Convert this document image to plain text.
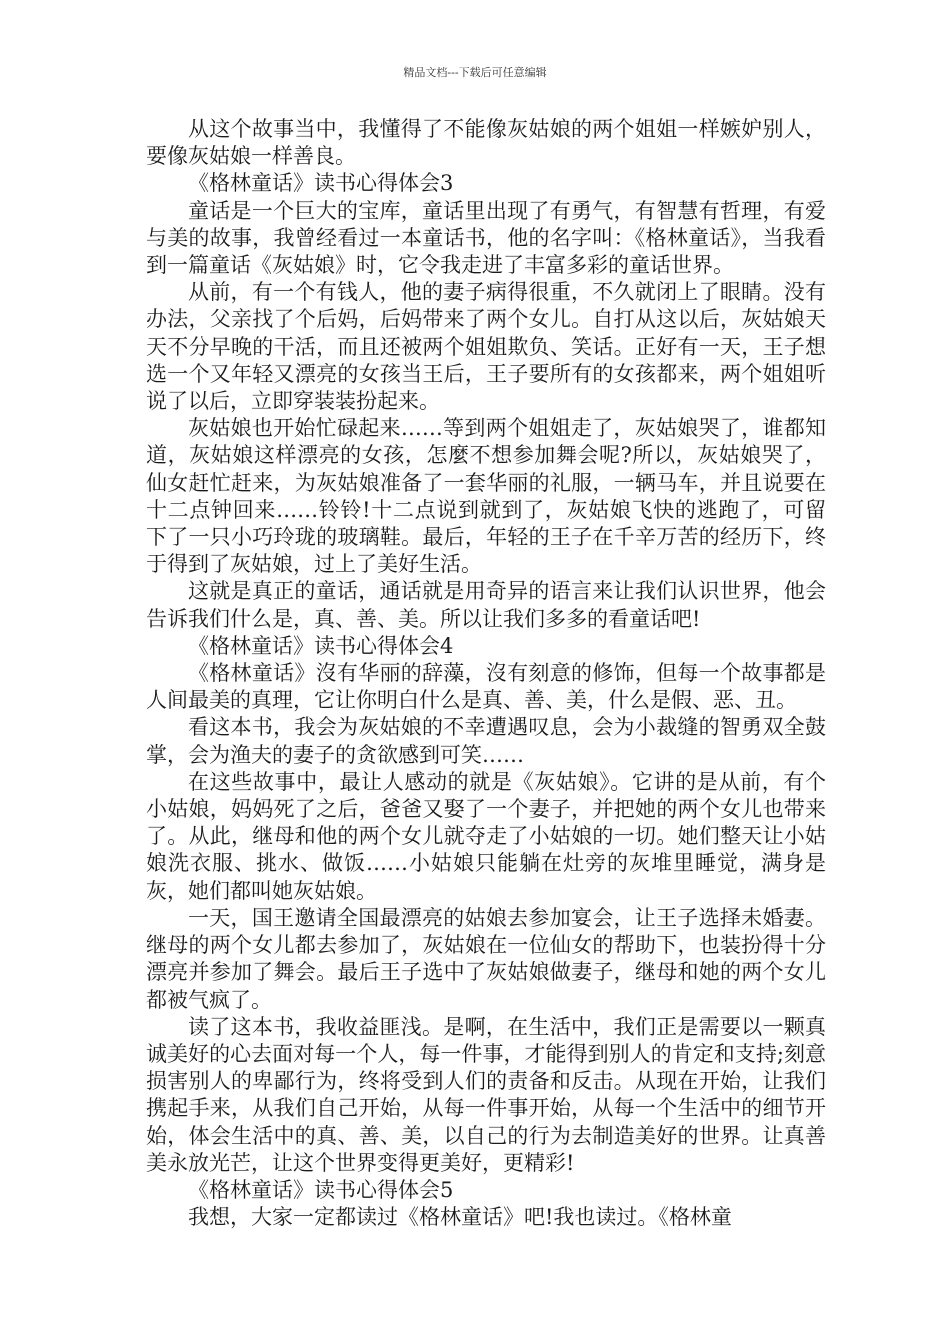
精品文档---下载后可任意编辑

从这个故事当中，我懂得了不能像灰姑娘的两个姐姐一样嫉妒别人，要像灰姑娘一样善良。

《格林童话》读书心得体会3

童话是一个巨大的宝库，童话里出现了有勇气，有智慧有哲理，有爱与美的故事，我曾经看过一本童话书，他的名字叫：《格林童话》，当我看到一篇童话《灰姑娘》时，它令我走进了丰富多彩的童话世界。

从前，有一个有钱人，他的妻子病得很重，不久就闭上了眼睛。没有办法，父亲找了个后妈，后妈带来了两个女儿。自打从这以后，灰姑娘天天不分早晚的干活，而且还被两个姐姐欺负、笑话。正好有一天，王子想选一个又年轻又漂亮的女孩当王后，王子要所有的女孩都来，两个姐姐听说了以后，立即穿装装扮起来。

灰姑娘也开始忙碌起来……等到两个姐姐走了，灰姑娘哭了，谁都知道，灰姑娘这样漂亮的女孩，怎麼不想参加舞会呢?所以，灰姑娘哭了，仙女赶忙赶来，为灰姑娘准备了一套华丽的礼服，一辆马车，并且说要在十二点钟回来……铃铃!十二点说到就到了，灰姑娘飞快的逃跑了，可留下了一只小巧玲珑的玻璃鞋。最后，年轻的王子在千辛万苦的经历下，终于得到了灰姑娘，过上了美好生活。

这就是真正的童话，通话就是用奇异的语言来让我们认识世界，他会告诉我们什么是，真、善、美。所以让我们多多的看童话吧!

《格林童话》读书心得体会4

《格林童话》沒有华丽的辞藻，沒有刻意的修饰，但每一个故事都是人间最美的真理，它让你明白什么是真、善、美，什么是假、恶、丑。

看这本书，我会为灰姑娘的不幸遭遇叹息，会为小裁缝的智勇双全鼓掌，会为渔夫的妻子的贪欲感到可笑……

在这些故事中，最让人感动的就是《灰姑娘》。它讲的是从前，有个小姑娘，妈妈死了之后，爸爸又娶了一个妻子，并把她的两个女儿也带来了。从此，继母和他的两个女儿就夺走了小姑娘的一切。她们整天让小姑娘洗衣服、挑水、做饭……小姑娘只能躺在灶旁的灰堆里睡觉，满身是灰，她们都叫她灰姑娘。

一天，国王邀请全国最漂亮的姑娘去参加宴会，让王子选择未婚妻。继母的两个女儿都去参加了，灰姑娘在一位仙女的帮助下，也装扮得十分漂亮并参加了舞会。最后王子选中了灰姑娘做妻子，继母和她的两个女儿都被气疯了。

读了这本书，我收益匪浅。是啊，在生活中，我们正是需要以一颗真诚美好的心去面对每一个人，每一件事，才能得到别人的肯定和支持;刻意损害别人的卑鄙行为，终将受到人们的责备和反击。从现在开始，让我们携起手来，从我们自己开始，从每一件事开始，从每一个生活中的细节开始，体会生活中的真、善、美，以自己的行为去制造美好的世界。让真善美永放光芒，让这个世界变得更美好，更精彩!

《格林童话》读书心得体会5

我想，大家一定都读过《格林童话》吧!我也读过。《格林童
